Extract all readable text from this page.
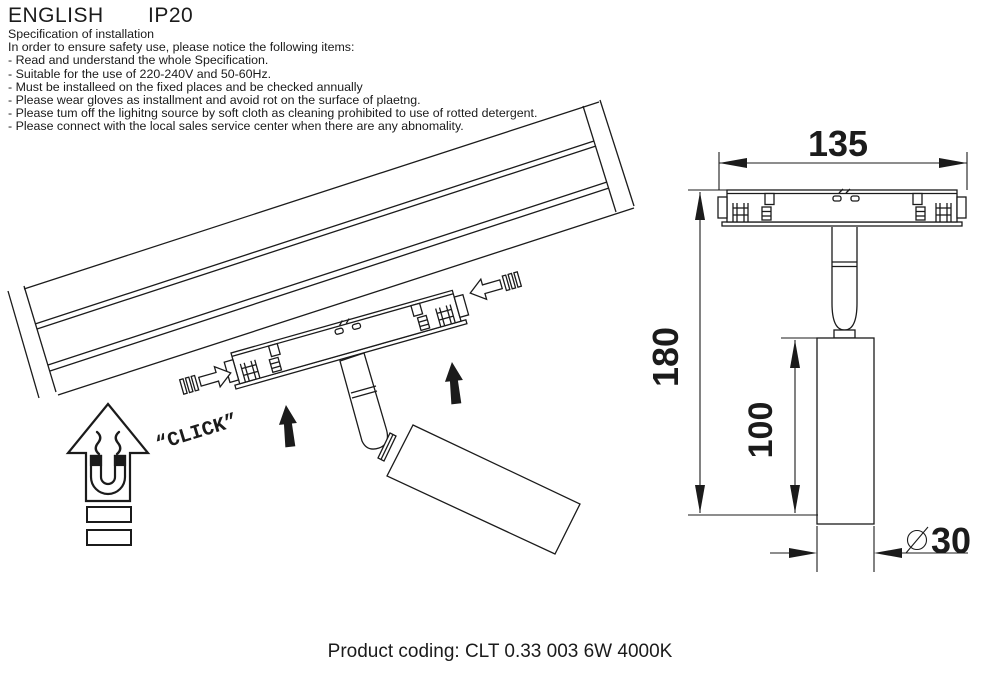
ENGLISH IP20
Specification of installation
In order to ensure safety use, please notice the following items:
- Read and understand the whole Specification.
- Suitable for the use of 220-240V and 50-60Hz.
- Must be installeed on the fixed places and be checked annually
- Please wear gloves as installment and avoid rot on the surface of plaetng.
- Please tum off the lighitng source by soft cloth as cleaning prohibited to use of rotted detergent.
- Please connect with the local sales service center when there are any abnomality.
“CLICK”
135
180
100
30
Product coding: CLT 0.33 003 6W 4000K
